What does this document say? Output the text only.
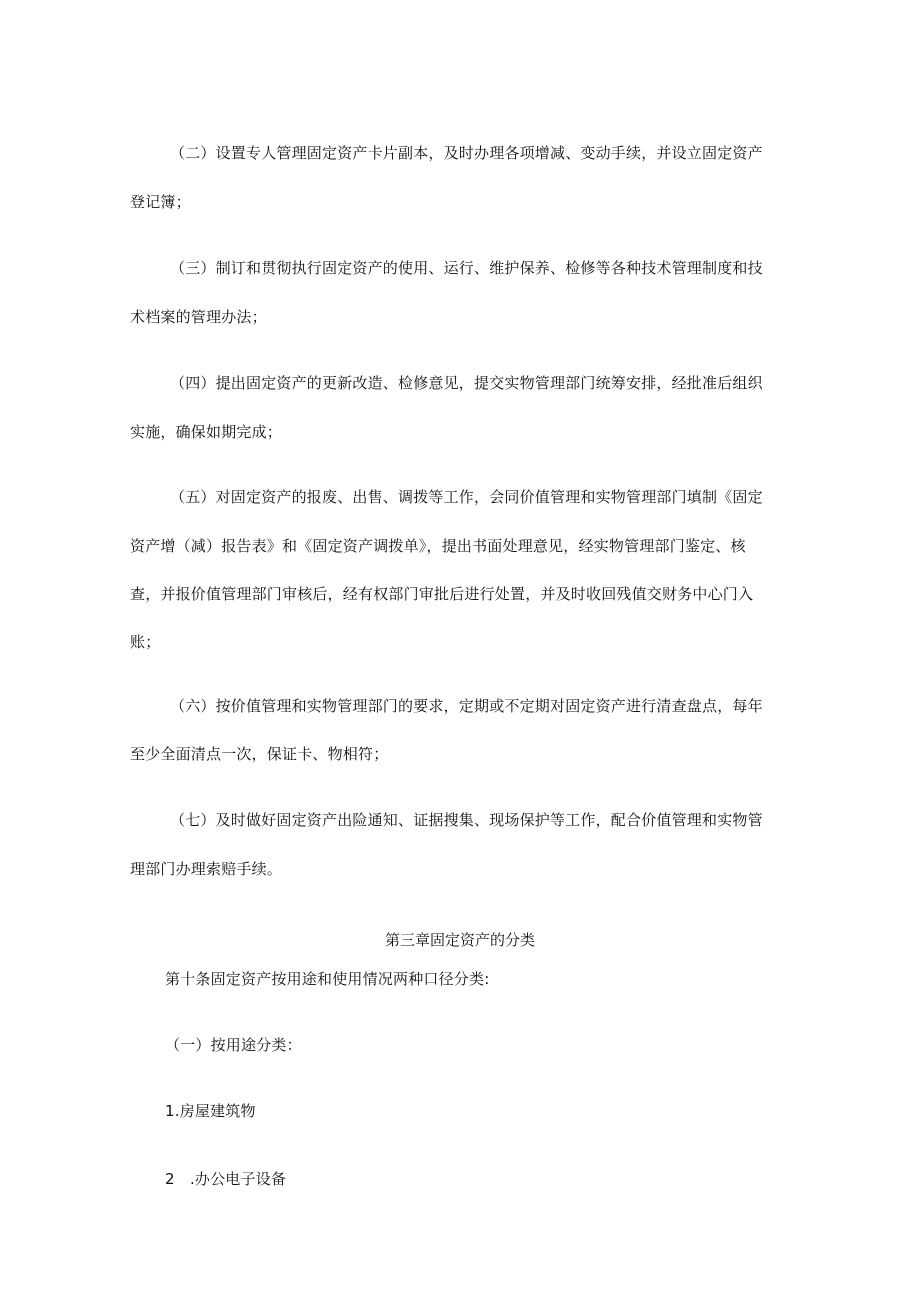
（二）设置专人管理固定资产卡片副本，及时办理各项增减、变动手续，并设立固定资产
登记簿；
（三）制订和贯彻执行固定资产的使用、运行、维护保养、检修等各种技术管理制度和技
术档案的管理办法；
（四）提出固定资产的更新改造、检修意见，提交实物管理部门统筹安排，经批准后组织
实施，确保如期完成；
（五）对固定资产的报废、出售、调拨等工作，会同价值管理和实物管理部门填制《固定
资产增（减）报告表》和《固定资产调拨单》，提出书面处理意见，经实物管理部门鉴定、核
查，并报价值管理部门审核后，经有权部门审批后进行处置，并及时收回残值交财务中心门入
账；
（六）按价值管理和实物管理部门的要求，定期或不定期对固定资产进行清查盘点，每年
至少全面清点一次，保证卡、物相符；
（七）及时做好固定资产出险通知、证据搜集、现场保护等工作，配合价值管理和实物管
理部门办理索赔手续。
第三章固定资产的分类
第十条固定资产按用途和使用情况两种口径分类:
（一）按用途分类：
1.房屋建筑物
2　.办公电子设备
